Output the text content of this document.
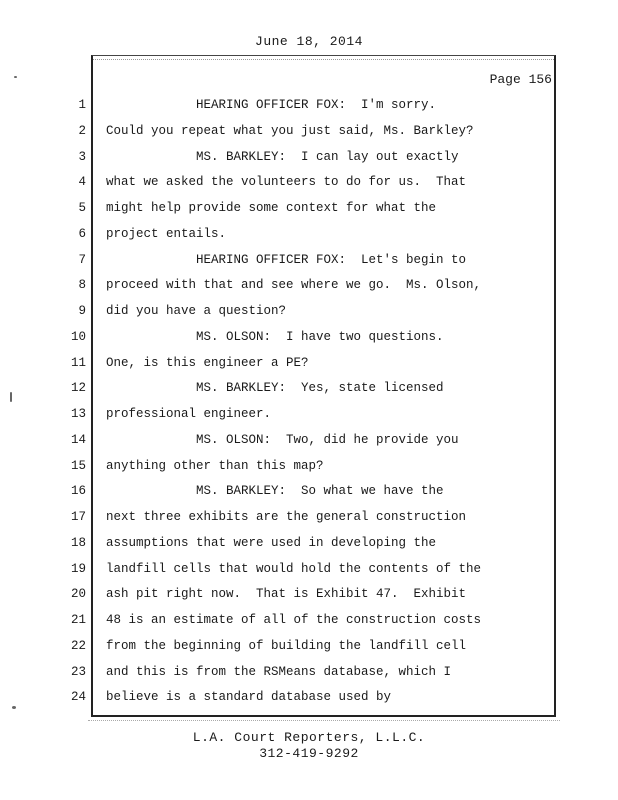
June 18, 2014
Page 156
1
2
3
4
5
6
7
8
9
10
11
12
13
14
15
16
17
18
19
20
21
22
23
24
HEARING OFFICER FOX:  I'm sorry.
Could you repeat what you just said, Ms. Barkley?
MS. BARKLEY:  I can lay out exactly
what we asked the volunteers to do for us.  That
might help provide some context for what the
project entails.
HEARING OFFICER FOX:  Let's begin to
proceed with that and see where we go.  Ms. Olson,
did you have a question?
MS. OLSON:  I have two questions.
One, is this engineer a PE?
MS. BARKLEY:  Yes, state licensed
professional engineer.
MS. OLSON:  Two, did he provide you
anything other than this map?
MS. BARKLEY:  So what we have the
next three exhibits are the general construction
assumptions that were used in developing the
landfill cells that would hold the contents of the
ash pit right now.  That is Exhibit 47.  Exhibit
48 is an estimate of all of the construction costs
from the beginning of building the landfill cell
and this is from the RSMeans database, which I
believe is a standard database used by
L.A. Court Reporters, L.L.C.
312-419-9292
